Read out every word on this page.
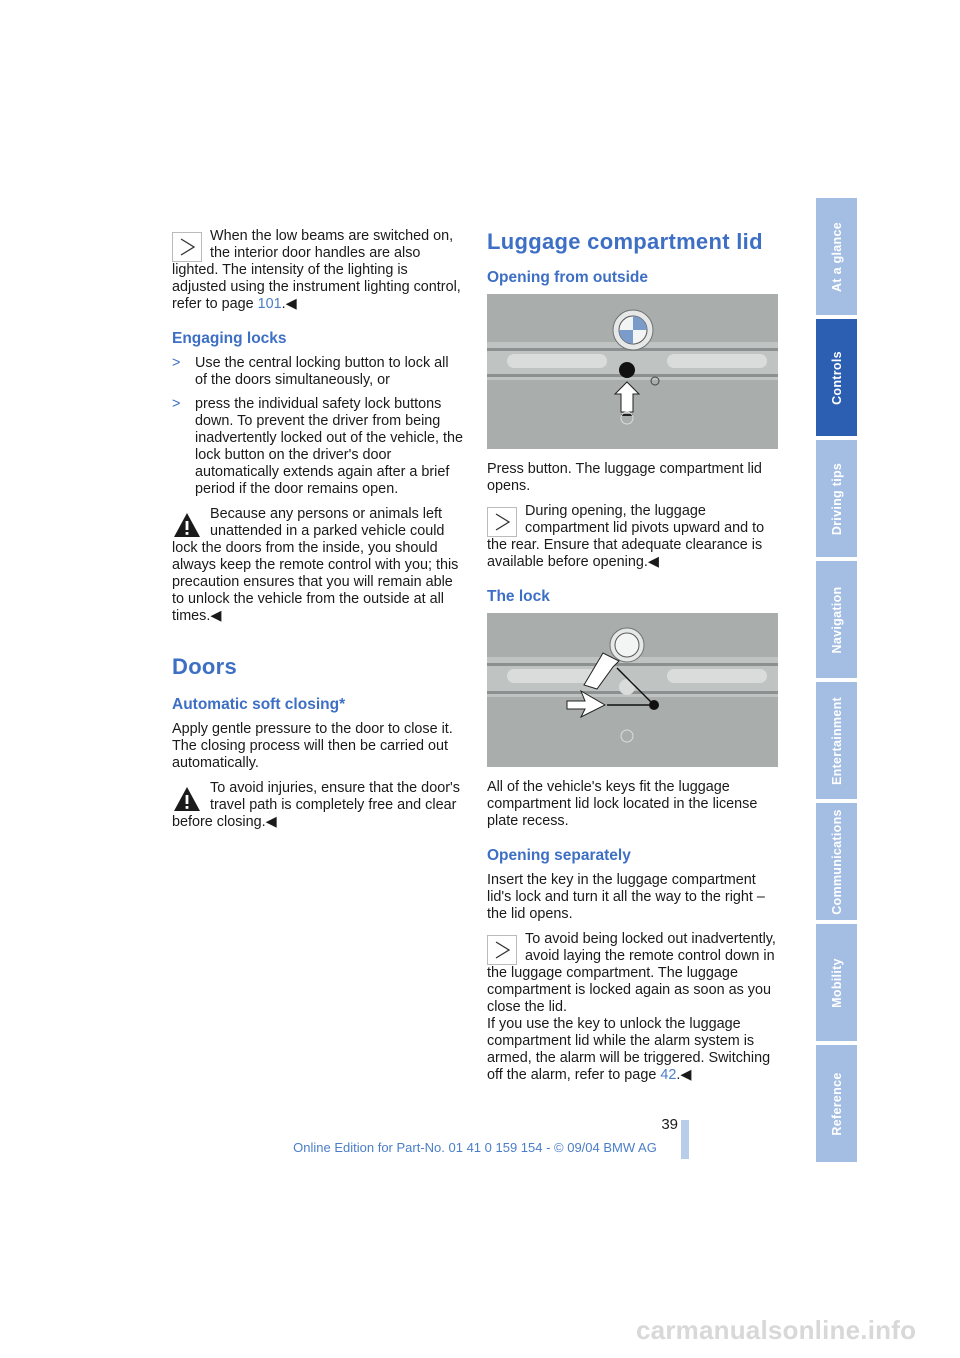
When the low beams are switched on, the interior door handles are also lighted. The intensity of the lighting is adjusted using the instrument lighting control, refer to page 101.◀
Engaging locks
> Use the central locking button to lock all of the doors simultaneously, or
> press the individual safety lock buttons down. To prevent the driver from being inadvertently locked out of the vehicle, the lock button on the driver's door automatically extends again after a brief period if the door remains open.
Because any persons or animals left unattended in a parked vehicle could lock the doors from the inside, you should always keep the remote control with you; this precaution ensures that you will remain able to unlock the vehicle from the outside at all times.◀
Doors
Automatic soft closing*

Apply gentle pressure to the door to close it. The closing process will then be carried out automatically.

To avoid injuries, ensure that the door's travel path is completely free and clear before closing.◀
Luggage compartment lid
Opening from outside

Press button. The luggage compartment lid opens.

During opening, the luggage compartment lid pivots upward and to the rear. Ensure that adequate clearance is available before opening.◀
The lock

All of the vehicle's keys fit the luggage compartment lid lock located in the license plate recess.

Opening separately

Insert the key in the luggage compartment lid's lock and turn it all the way to the right – the lid opens.

To avoid being locked out inadvertently, avoid laying the remote control down in the luggage compartment. The luggage compartment is locked again as soon as you close the lid.
If you use the key to unlock the luggage compartment lid while the alarm system is armed, the alarm will be triggered. Switching off the alarm, refer to page 42.◀
At a glance
Controls
Driving tips
Navigation
Entertainment
Communications
Mobility
Reference
39
Online Edition for Part-No. 01 41 0 159 154 - © 09/04 BMW AG
carmanualsonline.info
